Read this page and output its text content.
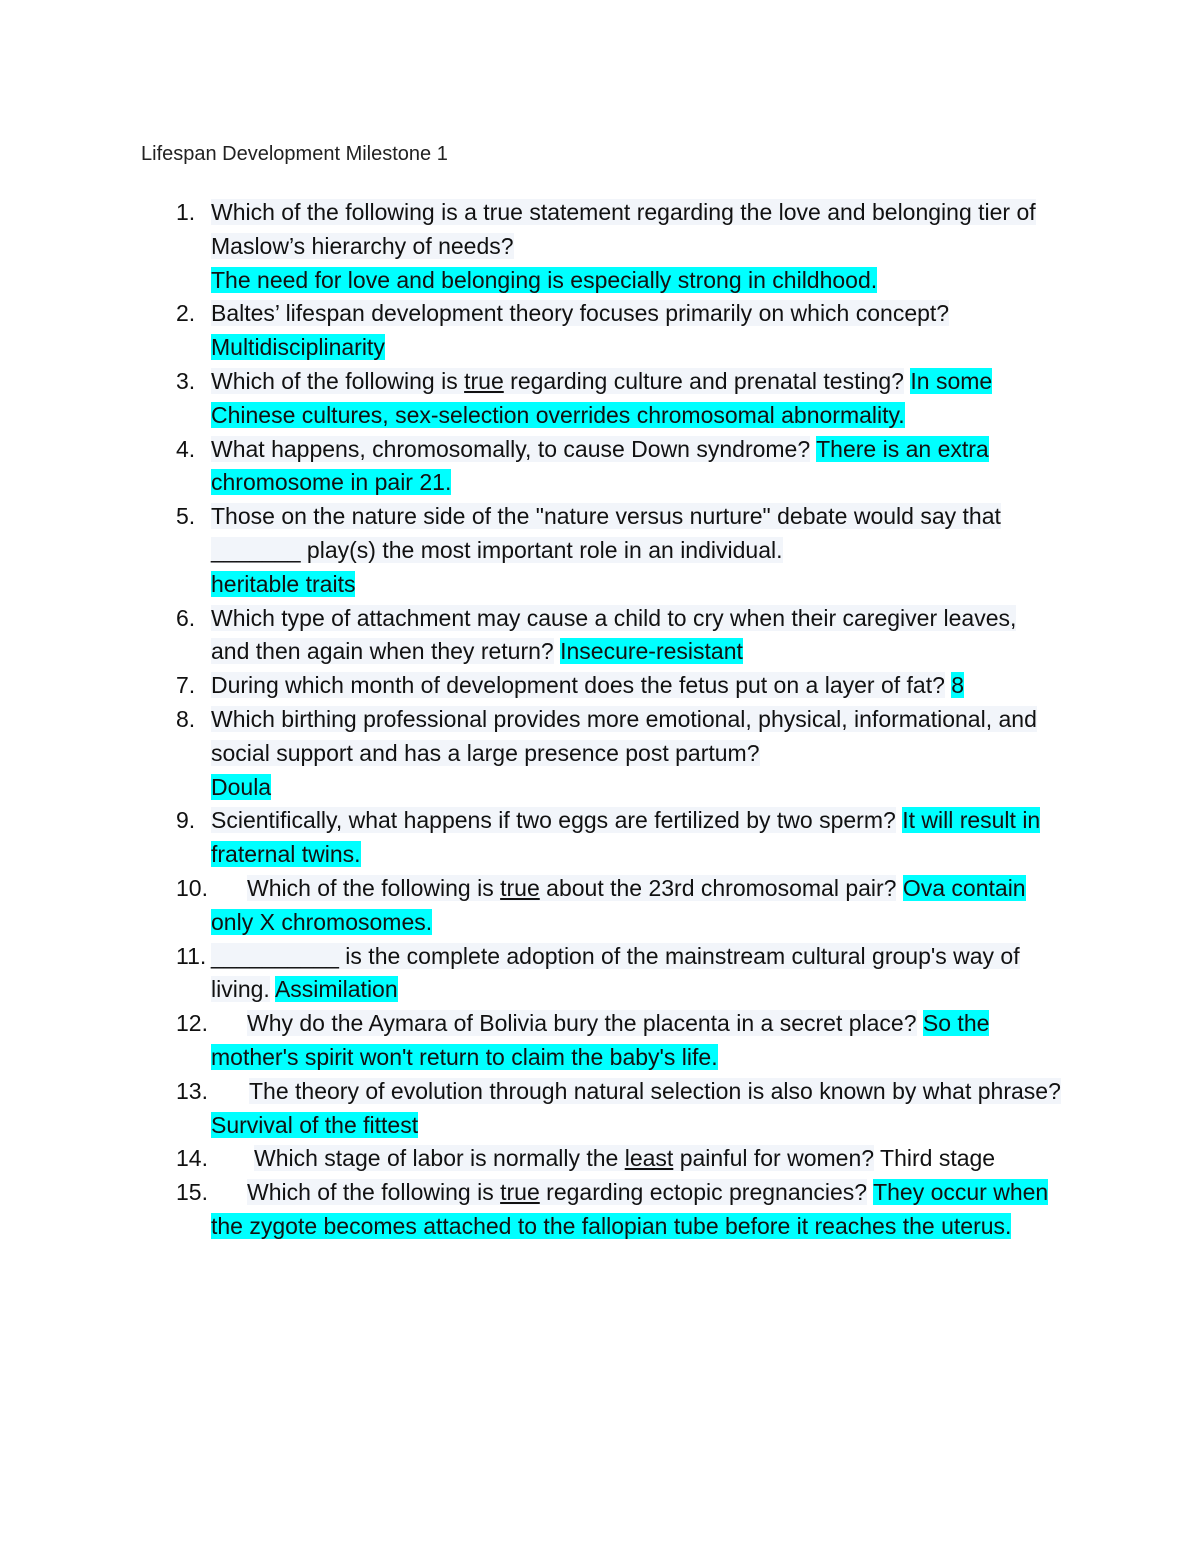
Lifespan Development Milestone 1
1. Which of the following is a true statement regarding the love and belonging tier of Maslow’s hierarchy of needs?
The need for love and belonging is especially strong in childhood.
2. Baltes’ lifespan development theory focuses primarily on which concept?
Multidisciplinarity
3. Which of the following is true regarding culture and prenatal testing? In some Chinese cultures, sex-selection overrides chromosomal abnormality.
4. What happens, chromosomally, to cause Down syndrome? There is an extra chromosome in pair 21.
5. Those on the nature side of the "nature versus nurture" debate would say that _______ play(s) the most important role in an individual.
heritable traits
6. Which type of attachment may cause a child to cry when their caregiver leaves, and then again when they return? Insecure-resistant
7. During which month of development does the fetus put on a layer of fat? 8
8. Which birthing professional provides more emotional, physical, informational, and social support and has a large presence post partum?
Doula
9. Scientifically, what happens if two eggs are fertilized by two sperm? It will result in fraternal twins.
10. Which of the following is true about the 23rd chromosomal pair? Ova contain only X chromosomes.
11. __________ is the complete adoption of the mainstream cultural group's way of living. Assimilation
12. Why do the Aymara of Bolivia bury the placenta in a secret place? So the mother's spirit won't return to claim the baby's life.
13. The theory of evolution through natural selection is also known by what phrase? Survival of the fittest
14. Which stage of labor is normally the least painful for women? Third stage
15. Which of the following is true regarding ectopic pregnancies? They occur when the zygote becomes attached to the fallopian tube before it reaches the uterus.
